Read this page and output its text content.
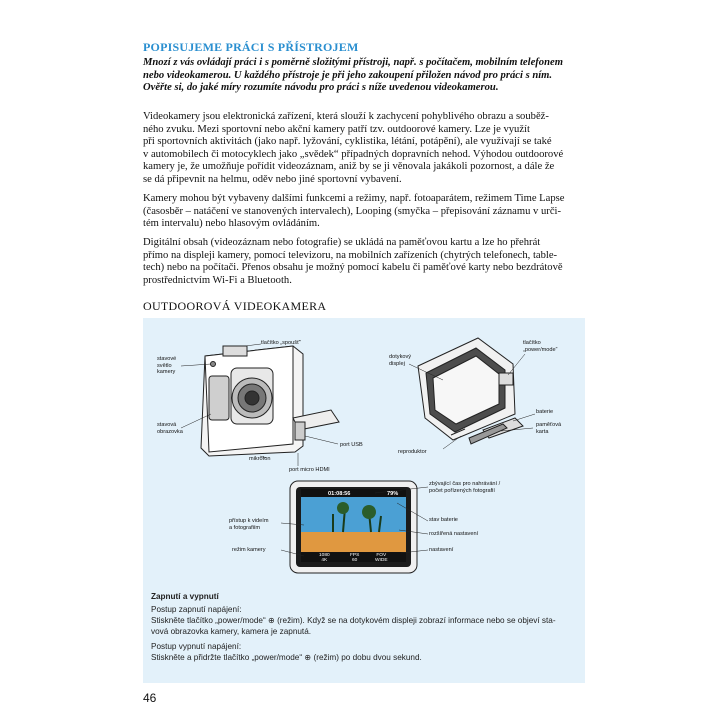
POPISUJEME PRÁCI S PŘÍSTROJEM
Mnozí z vás ovládají práci i s poměrně složitými přístroji, např. s počítačem, mobilním telefonem
nebo videokamerou. U každého přístroje je při jeho zakoupení přiložen návod pro práci s ním.
Ověřte si, do jaké míry rozumíte návodu pro práci s níže uvedenou videokamerou.
Videokamery jsou elektronická zařízení, která slouží k zachycení pohyblivého obrazu a souběž-
ného zvuku. Mezi sportovní nebo akční kamery patří tzv. outdoorové kamery. Lze je využít
při sportovních aktivitách (jako např. lyžování, cyklistika, létání, potápění), ale využívají se také
v automobilech či motocyklech jako „svědek“ případných dopravních nehod. Výhodou outdoorové
kamery je, že umožňuje pořídit videozáznam, aniž by se ji věnovala jakákoli pozornost, a dále že
se dá připevnit na helmu, oděv nebo jiné sportovní vybavení.
Kamery mohou být vybaveny dalšími funkcemi a režimy, např. fotoaparátem, režimem Time Lapse
(časosběr – natáčení ve stanovených intervalech), Looping (smyčka – přepisování záznamu v urči-
tém intervalu) nebo hlasovým ovládáním.
Digitální obsah (videozáznam nebo fotografie) se ukládá na paměťovou kartu a lze ho přehrát
přímo na displeji kamery, pomocí televizoru, na mobilních zařízeních (chytrých telefonech, table-
tech) nebo na počítači. Přenos obsahu je možný pomocí kabelu či paměťové karty nebo bezdrátově
prostřednictvím Wi-Fi a Bluetooth.
OUTDOOROVÁ VIDEOKAMERA
01:08:56	79%
1080
4K
FPS
60
FOV
WIDE
tlačítko „spoušť“
stavové
světlo
kamery
stavová
obrazovka
mikrofon
port micro HDMI
port USB
dotykový
displej
tlačítko
„power/mode“
baterie
paměťová
karta
reproduktor
zbývající čas pro nahrávání /
počet pořízených fotografií
stav baterie
rozšířená nastavení
nastavení
přístup k videím
a fotografiím
režim kamery
Zapnutí a vypnutí
Postup zapnutí napájení:

Stiskněte tlačítko „power/mode“ ⊕ (režim). Když se na dotykovém displeji zobrazí informace nebo se objeví sta-
vová obrazovka kamery, kamera je zapnutá.

Postup vypnutí napájení:

Stiskněte a přidržte tlačítko „power/mode“ ⊕ (režim) po dobu dvou sekund.

46
